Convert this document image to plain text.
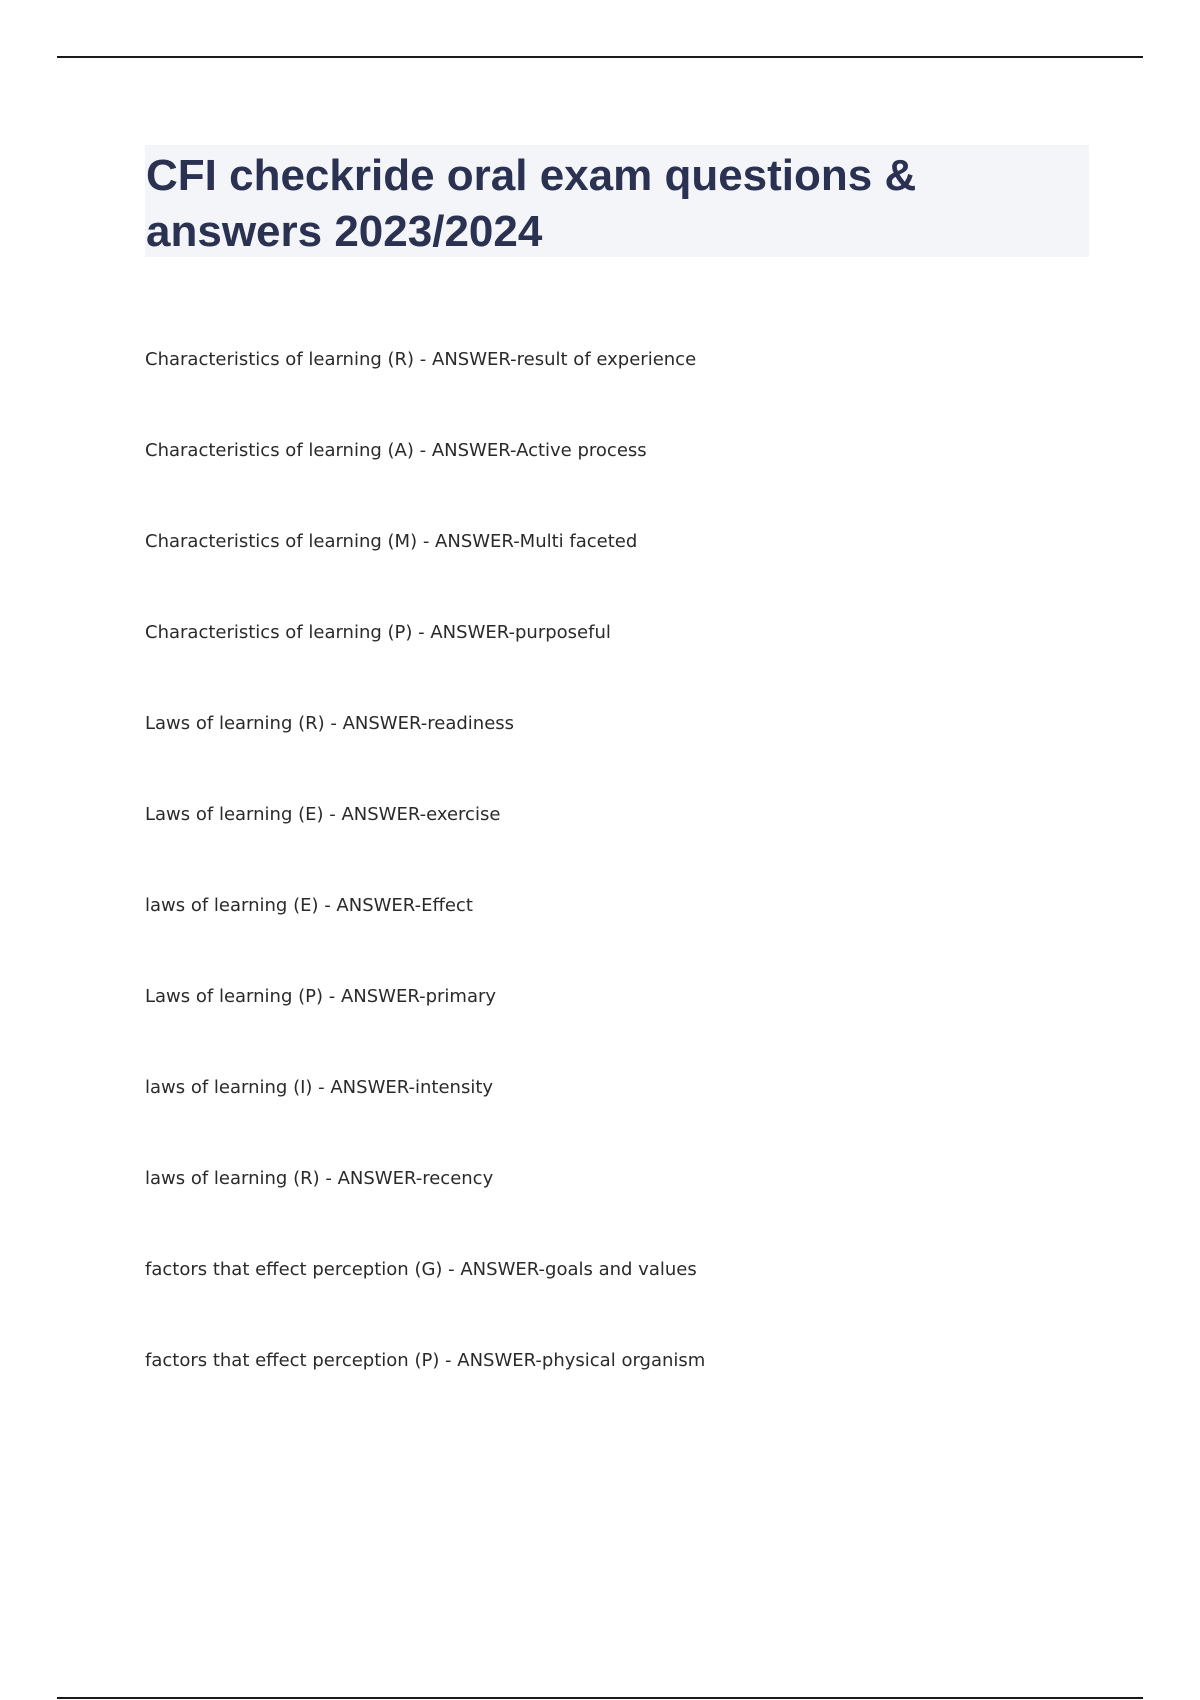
CFI checkride oral exam questions & answers 2023/2024
Characteristics of learning (R) - ANSWER-result of experience
Characteristics of learning (A) - ANSWER-Active process
Characteristics of learning (M) - ANSWER-Multi faceted
Characteristics of learning (P) - ANSWER-purposeful
Laws of learning (R) - ANSWER-readiness
Laws of learning (E) - ANSWER-exercise
laws of learning (E) - ANSWER-Effect
Laws of learning (P) - ANSWER-primary
laws of learning (I) - ANSWER-intensity
laws of learning (R) - ANSWER-recency
factors that effect perception (G) - ANSWER-goals and values
factors that effect perception (P) - ANSWER-physical organism
